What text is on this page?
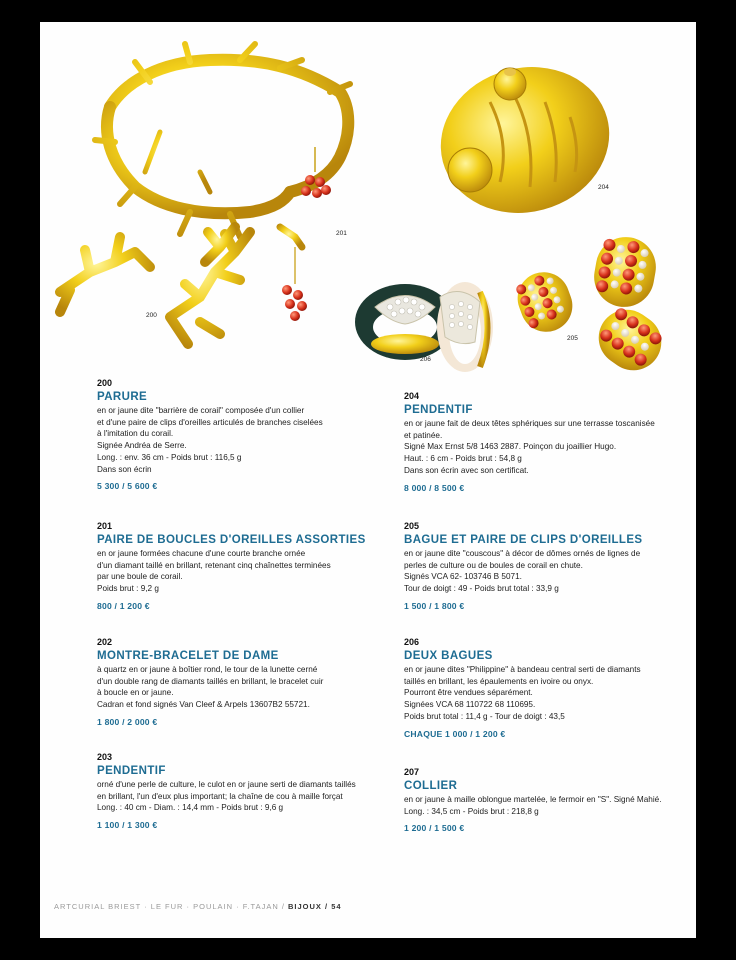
201
200
204
205
206
200
PARURE
en or jaune dite "barrière de corail" composée d'un collier
et d'une paire de clips d'oreilles articulés de branches ciselées
à l'imitation du corail.
Signée Andréa de Serre.
Long. : env. 36 cm - Poids brut : 116,5 g
Dans son écrin
5 300 / 5 600 €
201
PAIRE DE BOUCLES D'OREILLES ASSORTIES
en or jaune formées chacune d'une courte branche ornée
d'un diamant taillé en brillant, retenant cinq chaînettes terminées
par une boule de corail.
Poids brut : 9,2 g
800 / 1 200 €
202
MONTRE-BRACELET DE DAME
à quartz en or jaune à boîtier rond, le tour de la lunette cerné
d'un double rang de diamants taillés en brillant, le bracelet cuir
à boucle en or jaune.
Cadran et fond signés Van Cleef & Arpels 13607B2 55721.
1 800 / 2 000 €
203
PENDENTIF
orné d'une perle de culture, le culot en or jaune serti de diamants taillés
en brillant, l'un d'eux plus important; la chaîne de cou à maille forçat
Long. : 40 cm - Diam. : 14,4 mm - Poids brut : 9,6 g
1 100 / 1 300 €
204
PENDENTIF
en or jaune fait de deux têtes sphériques sur une terrasse toscanisée
et patinée.
Signé Max Ernst 5/8 1463 2887. Poinçon du joaillier Hugo.
Haut. : 6 cm - Poids brut : 54,8 g
Dans son écrin avec son certificat.
8 000 / 8 500 €
205
BAGUE ET PAIRE DE CLIPS D'OREILLES
en or jaune dite "couscous" à décor de dômes ornés de lignes de
perles de culture ou de boules de corail en chute.
Signés VCA 62- 103746 B 5071.
Tour de doigt : 49 - Poids brut total : 33,9 g
1 500 / 1 800 €
206
DEUX BAGUES
en or jaune dites "Philippine" à bandeau central serti de diamants
taillés en brillant, les épaulements en ivoire ou onyx.
Pourront être vendues séparément.
Signées VCA 68 110722 68 110695.
Poids brut total : 11,4 g - Tour de doigt : 43,5
CHAQUE 1 000 / 1 200 €
207
COLLIER
en or jaune à maille oblongue martelée, le fermoir en "S". Signé Mahié.
Long. : 34,5 cm - Poids brut : 218,8 g
1 200 / 1 500 €
ARTCURIAL BRIEST · LE FUR · POULAIN · F.TAJAN / BIJOUX / 54
